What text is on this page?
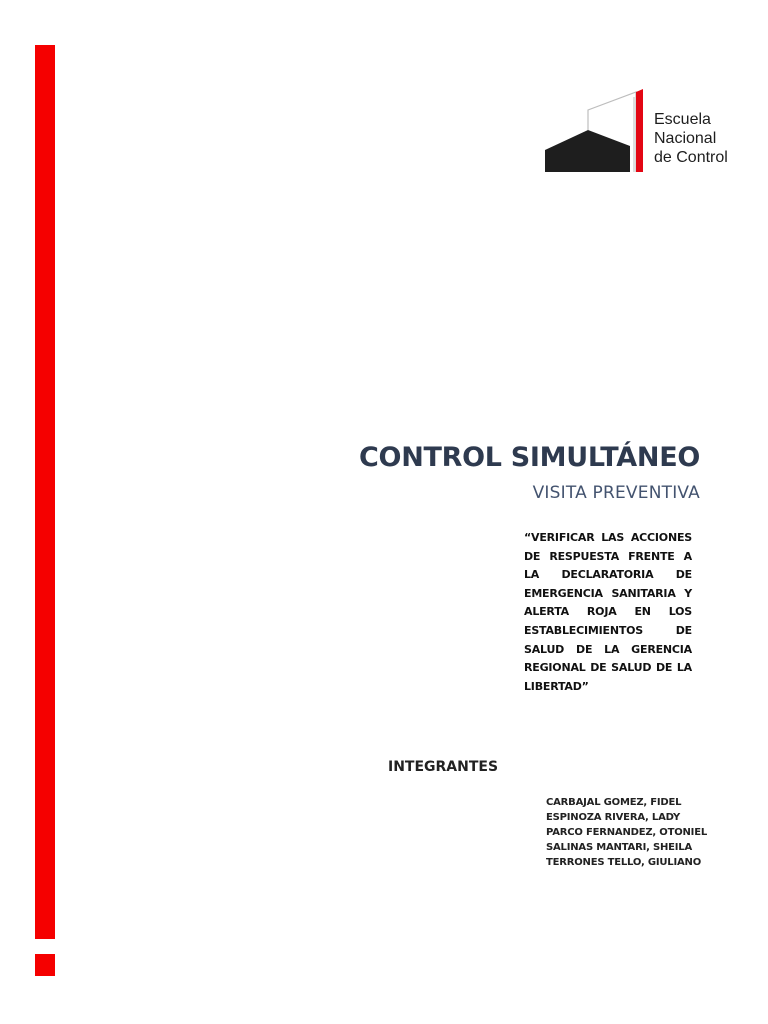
Escuela
Nacional
de Control
CONTROL SIMULTÁNEO
VISITA PREVENTIVA
“VERIFICAR LAS ACCIONES DE RESPUESTA FRENTE A LA DECLARATORIA DE EMERGENCIA SANITARIA Y ALERTA ROJA EN LOS ESTABLECIMIENTOS DE SALUD DE LA GERENCIA REGIONAL DE SALUD DE LA LIBERTAD”
INTEGRANTES
CARBAJAL GOMEZ, FIDEL
ESPINOZA RIVERA, LADY
PARCO FERNANDEZ, OTONIEL
SALINAS MANTARI, SHEILA
TERRONES TELLO, GIULIANO
